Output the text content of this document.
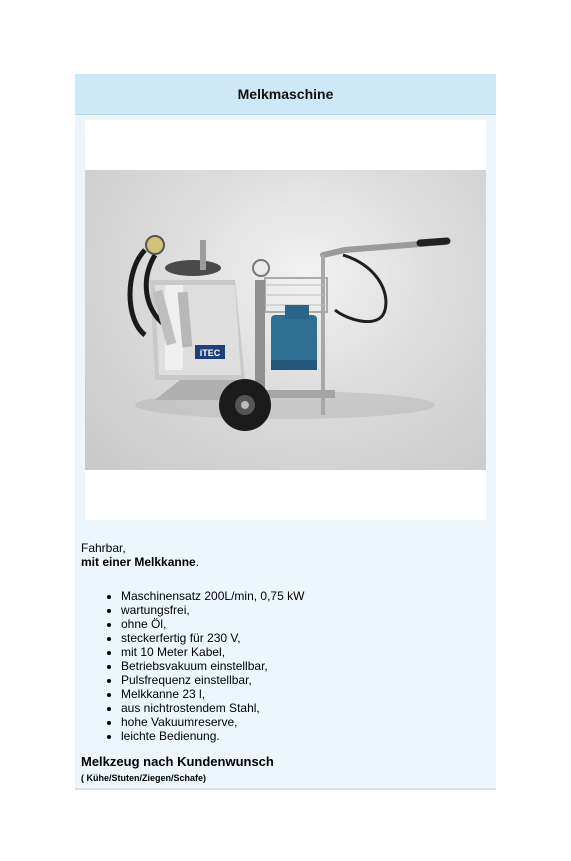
Melkmaschine
iTEC
Fahrbar,
mit einer Melkkanne.
• Maschinensatz 200L/min, 0,75 kW
• wartungsfrei,
• ohne Öl,
• steckerfertig für 230 V,
• mit 10 Meter Kabel,
• Betriebsvakuum einstellbar,
• Pulsfrequenz einstellbar,
• Melkkanne 23 l,
• aus nichtrostendem Stahl,
• hohe Vakuumreserve,
• leichte Bedienung.
Melkzeug nach Kundenwunsch
( Kühe/Stuten/Ziegen/Schafe)
